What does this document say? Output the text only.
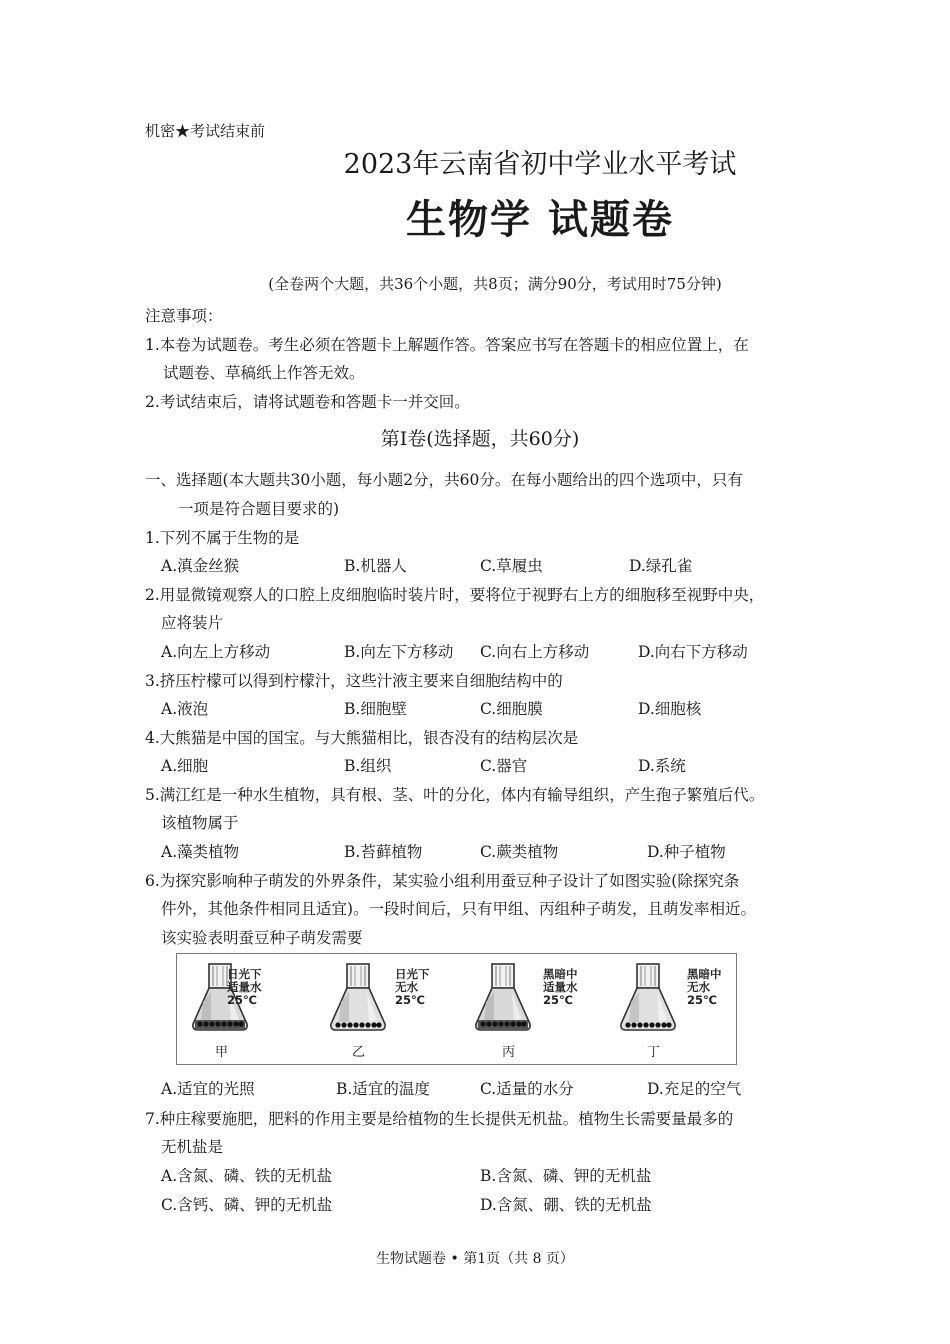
机密★考试结束前
2023年云南省初中学业水平考试
生物学 试题卷
(全卷两个大题，共36个小题，共8页；满分90分，考试用时75分钟)
注意事项：
1.本卷为试题卷。考生必须在答题卡上解题作答。答案应书写在答题卡的相应位置上，在
试题卷、草稿纸上作答无效。
2.考试结束后，请将试题卷和答题卡一并交回。
第Ⅰ卷(选择题，共60分)
一、选择题(本大题共30小题，每小题2分，共60分。在每小题给出的四个选项中，只有
一项是符合题目要求的)
1.下列不属于生物的是
A.滇金丝猴	B.机器人	C.草履虫	D.绿孔雀
2.用显微镜观察人的口腔上皮细胞临时装片时，要将位于视野右上方的细胞移至视野中央，
应将装片
A.向左上方移动	B.向左下方移动 C.向右上方移动	D.向右下方移动
3.挤压柠檬可以得到柠檬汁，这些汁液主要来自细胞结构中的
A.液泡	B.细胞壁	C.细胞膜	D.细胞核
4.大熊猫是中国的国宝。与大熊猫相比，银杏没有的结构层次是
A.细胞	B.组织	C.器官	D.系统
5.满江红是一种水生植物，具有根、茎、叶的分化，体内有输导组织，产生孢子繁殖后代。
该植物属于
A.藻类植物	B.苔藓植物	C.蕨类植物	D.种子植物
6.为探究影响种子萌发的外界条件，某实验小组利用蚕豆种子设计了如图实验(除探究条
件外，其他条件相同且适宜)。一段时间后，只有甲组、丙组种子萌发，且萌发率相近。
该实验表明蚕豆种子萌发需要
日光下
适量水
25℃
甲
日光下
无水
25℃
乙
黑暗中
适量水
25℃
丙
黑暗中
无水
25℃
丁
A.适宜的光照	B.适宜的温度	C.适量的水分	D.充足的空气
7.种庄稼要施肥，肥料的作用主要是给植物的生长提供无机盐。植物生长需要量最多的
无机盐是
A.含氮、磷、铁的无机盐	B.含氮、磷、钾的无机盐
C.含钙、磷、钾的无机盐	D.含氮、硼、铁的无机盐
生物试题卷 • 第1页（共 8 页）
